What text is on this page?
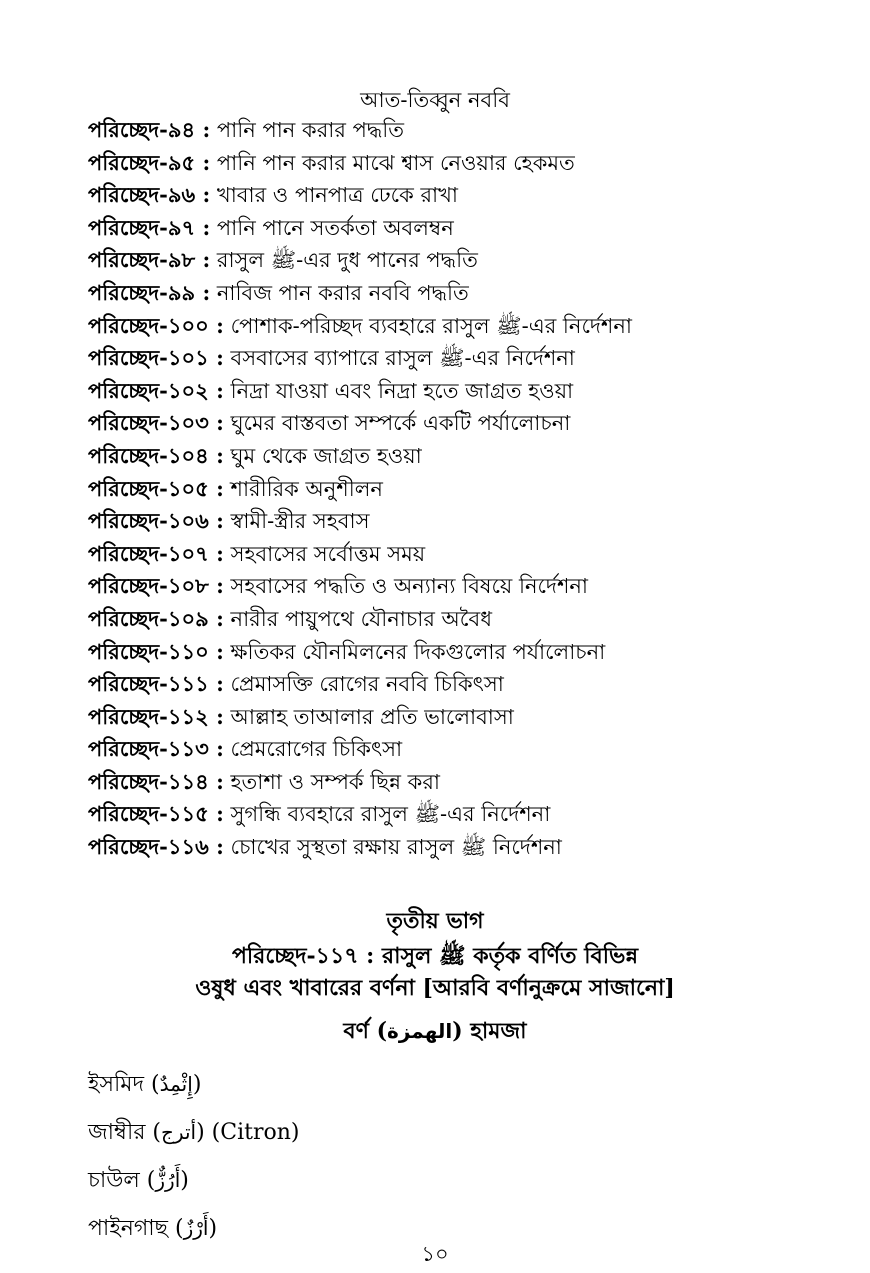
আত-তিব্বুন নববি
পরিচ্ছেদ-৯৪ : পানি পান করার পদ্ধতি
পরিচ্ছেদ-৯৫ : পানি পান করার মাঝে শ্বাস নেওয়ার হেকমত
পরিচ্ছেদ-৯৬ : খাবার ও পানপাত্র ঢেকে রাখা
পরিচ্ছেদ-৯৭ : পানি পানে সতর্কতা অবলম্বন
পরিচ্ছেদ-৯৮ : রাসুল ﷺ-এর দুধ পানের পদ্ধতি
পরিচ্ছেদ-৯৯ : নাবিজ পান করার নববি পদ্ধতি
পরিচ্ছেদ-১০০ : পোশাক-পরিচ্ছদ ব্যবহারে রাসুল ﷺ-এর নির্দেশনা
পরিচ্ছেদ-১০১ : বসবাসের ব্যাপারে রাসুল ﷺ-এর নির্দেশনা
পরিচ্ছেদ-১০২ : নিদ্রা যাওয়া এবং নিদ্রা হতে জাগ্রত হওয়া
পরিচ্ছেদ-১০৩ : ঘুমের বাস্তবতা সম্পর্কে একটি পর্যালোচনা
পরিচ্ছেদ-১০৪ : ঘুম থেকে জাগ্রত হওয়া
পরিচ্ছেদ-১০৫ : শারীরিক অনুশীলন
পরিচ্ছেদ-১০৬ : স্বামী-স্ত্রীর সহবাস
পরিচ্ছেদ-১০৭ : সহবাসের সর্বোত্তম সময়
পরিচ্ছেদ-১০৮ : সহবাসের পদ্ধতি ও অন্যান্য বিষয়ে নির্দেশনা
পরিচ্ছেদ-১০৯ : নারীর পায়ুপথে যৌনাচার অবৈধ
পরিচ্ছেদ-১১০ : ক্ষতিকর যৌনমিলনের দিকগুলোর পর্যালোচনা
পরিচ্ছেদ-১১১ : প্রেমাসক্তি রোগের নববি চিকিৎসা
পরিচ্ছেদ-১১২ : আল্লাহ তাআলার প্রতি ভালোবাসা
পরিচ্ছেদ-১১৩ : প্রেমরোগের চিকিৎসা
পরিচ্ছেদ-১১৪ : হতাশা ও সম্পর্ক ছিন্ন করা
পরিচ্ছেদ-১১৫ : সুগন্ধি ব্যবহারে রাসুল ﷺ-এর নির্দেশনা
পরিচ্ছেদ-১১৬ : চোখের সুস্থতা রক্ষায় রাসুল ﷺ নির্দেশনা
তৃতীয় ভাগ
পরিচ্ছেদ-১১৭ : রাসুল ﷺ কর্তৃক বর্ণিত বিভিন্ন
ওষুধ এবং খাবারের বর্ণনা [আরবি বর্ণানুক্রমে সাজানো]
বর্ণ (الهمزة) হামজা
ইসমিদ (إِثْمِدٌ)
জাম্বীর (أترج) (Citron)
চাউল (أَرُزٌّ)
পাইনগাছ (أَرْزٌ)
১০
